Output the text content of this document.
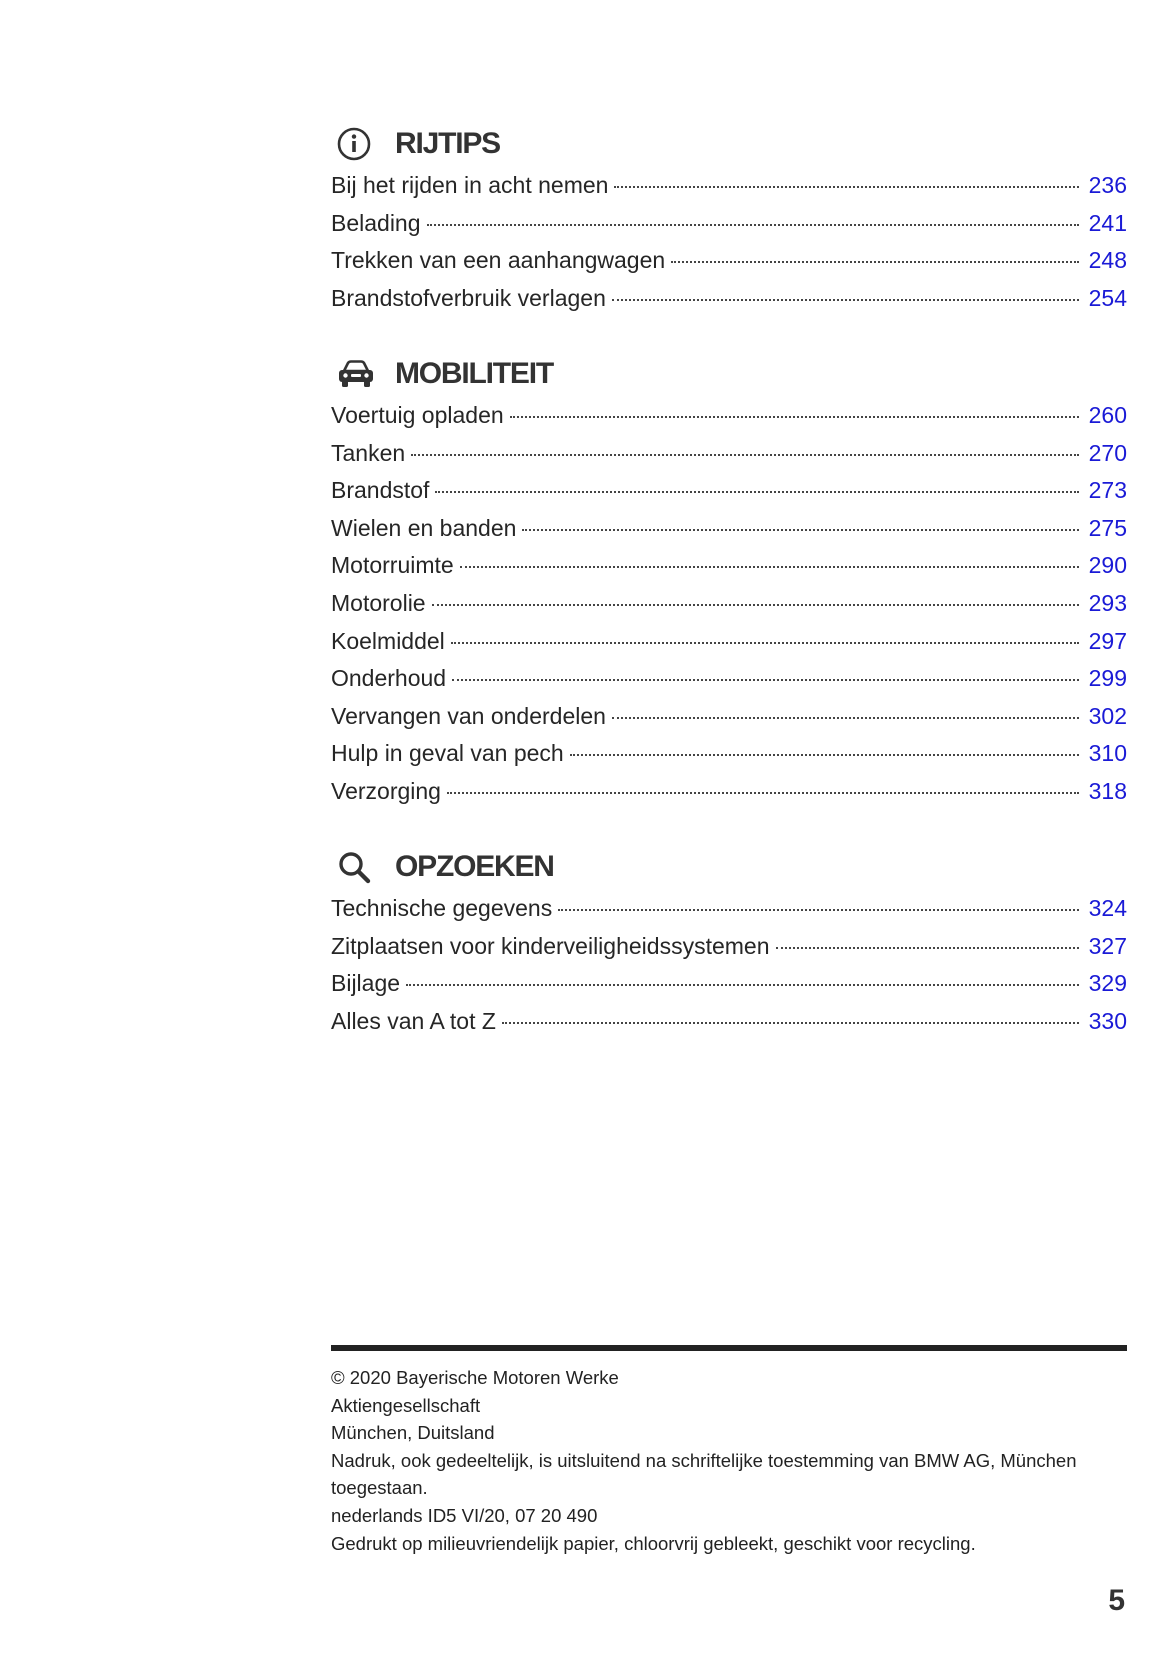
RIJTIPS
Bij het rijden in acht nemen	236
Belading	241
Trekken van een aanhangwagen	248
Brandstofverbruik verlagen	254
MOBILITEIT
Voertuig opladen	260
Tanken	270
Brandstof	273
Wielen en banden	275
Motorruimte	290
Motorolie	293
Koelmiddel	297
Onderhoud	299
Vervangen van onderdelen	302
Hulp in geval van pech	310
Verzorging	318
OPZOEKEN
Technische gegevens	324
Zitplaatsen voor kinderveiligheidssystemen	327
Bijlage	329
Alles van A tot Z	330
© 2020 Bayerische Motoren Werke
Aktiengesellschaft
München, Duitsland
Nadruk, ook gedeeltelijk, is uitsluitend na schriftelijke toestemming van BMW AG, München toegestaan.
nederlands ID5 VI/20, 07 20 490
Gedrukt op milieuvriendelijk papier, chloorvrij gebleekt, geschikt voor recycling.
5
